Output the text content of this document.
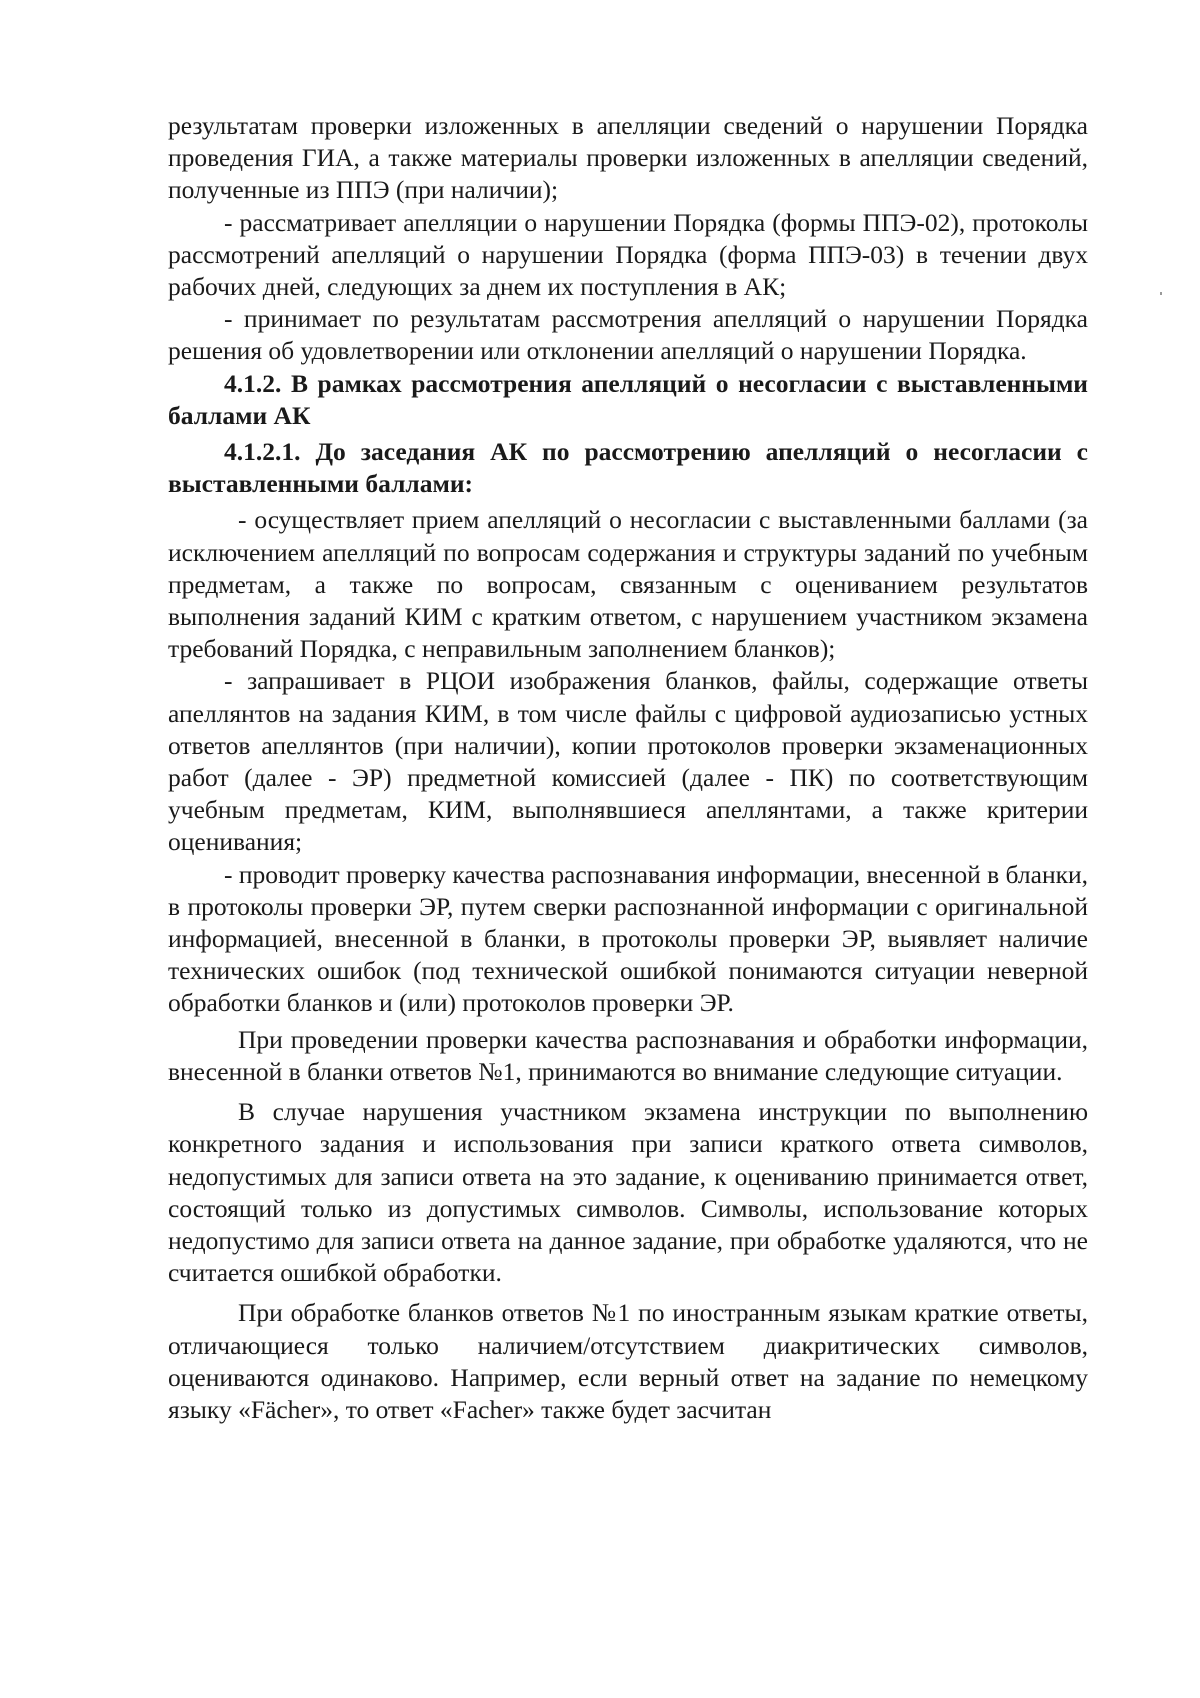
результатам проверки изложенных в апелляции сведений о нарушении Порядка проведения ГИА, а также материалы проверки изложенных в апелляции сведений, полученные из ППЭ (при наличии);

- рассматривает апелляции о нарушении Порядка (формы ППЭ-02), протоколы рассмотрений апелляций о нарушении Порядка (форма ППЭ-03) в течении двух рабочих дней, следующих за днем их поступления в АК;

- принимает по результатам рассмотрения апелляций о нарушении Порядка решения об удовлетворении или отклонении апелляций о нарушении Порядка.

4.1.2. В рамках рассмотрения апелляций о несогласии с выставленными баллами АК

4.1.2.1. До заседания АК по рассмотрению апелляций о несогласии с выставленными баллами:

- осуществляет прием апелляций о несогласии с выставленными баллами (за исключением апелляций по вопросам содержания и структуры заданий по учебным предметам, а также по вопросам, связанным с оцениванием результатов выполнения заданий КИМ с кратким ответом, с нарушением участником экзамена требований Порядка, с неправильным заполнением бланков);

- запрашивает в РЦОИ изображения бланков, файлы, содержащие ответы апеллянтов на задания КИМ, в том числе файлы с цифровой аудиозаписью устных ответов апеллянтов (при наличии), копии протоколов проверки экзаменационных работ (далее - ЭР) предметной комиссией (далее - ПК) по соответствующим учебным предметам, КИМ, выполнявшиеся апеллянтами, а также критерии оценивания;

- проводит проверку качества распознавания информации, внесенной в бланки, в протоколы проверки ЭР, путем сверки распознанной информации с оригинальной информацией, внесенной в бланки, в протоколы проверки ЭР, выявляет наличие технических ошибок (под технической ошибкой понимаются ситуации неверной обработки бланков и (или) протоколов проверки ЭР.

При проведении проверки качества распознавания и обработки информации, внесенной в бланки ответов №1, принимаются во внимание следующие ситуации.

В случае нарушения участником экзамена инструкции по выполнению конкретного задания и использования при записи краткого ответа символов, недопустимых для записи ответа на это задание, к оцениванию принимается ответ, состоящий только из допустимых символов. Символы, использование которых недопустимо для записи ответа на данное задание, при обработке удаляются, что не считается ошибкой обработки.

При обработке бланков ответов №1 по иностранным языкам краткие ответы, отличающиеся только наличием/отсутствием диакритических символов, оцениваются одинаково. Например, если верный ответ на задание по немецкому языку «Fächer», то ответ «Facher» также будет засчитан
